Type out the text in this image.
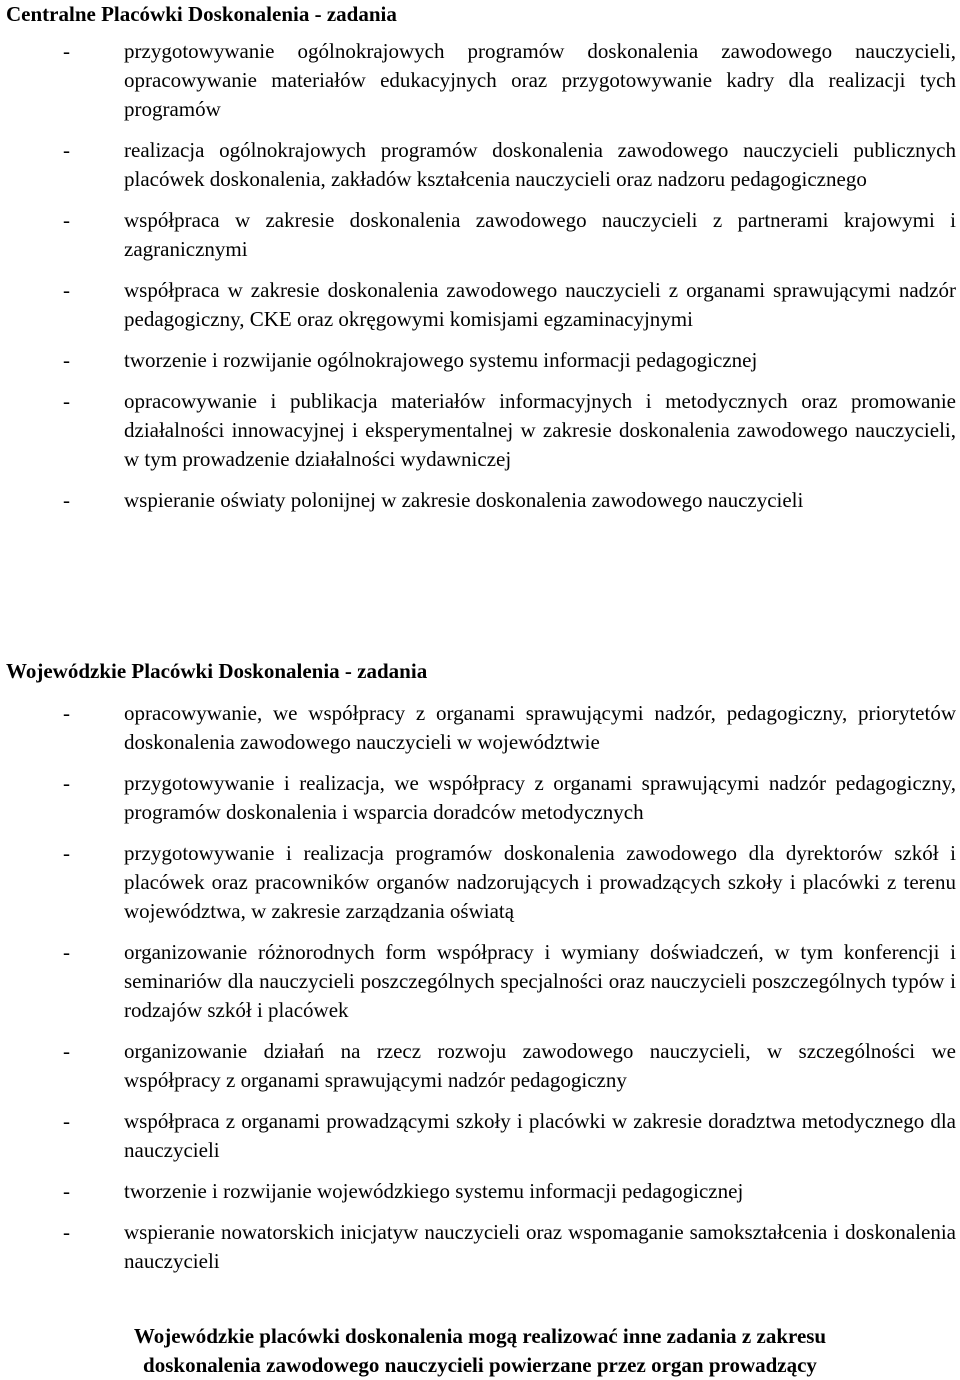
Centralne Placówki Doskonalenia - zadania
-	przygotowywanie ogólnokrajowych programów doskonalenia zawodowego nauczycieli, opracowywanie materiałów edukacyjnych oraz przygotowywanie kadry dla realizacji tych programów
-	realizacja ogólnokrajowych programów doskonalenia zawodowego nauczycieli publicznych placówek doskonalenia, zakładów kształcenia nauczycieli oraz nadzoru pedagogicznego
-	współpraca w zakresie doskonalenia zawodowego nauczycieli z partnerami krajowymi i zagranicznymi
-	współpraca w zakresie doskonalenia zawodowego nauczycieli z organami sprawującymi nadzór pedagogiczny, CKE oraz okręgowymi komisjami egzaminacyjnymi
-	tworzenie i rozwijanie ogólnokrajowego systemu informacji pedagogicznej
-	opracowywanie i publikacja materiałów informacyjnych i metodycznych oraz promowanie działalności innowacyjnej i eksperymentalnej w zakresie doskonalenia zawodowego nauczycieli, w tym prowadzenie działalności wydawniczej
-	wspieranie oświaty polonijnej w zakresie doskonalenia zawodowego nauczycieli
Wojewódzkie Placówki Doskonalenia - zadania
-	opracowywanie, we współpracy z organami sprawującymi nadzór, pedagogiczny, priorytetów doskonalenia zawodowego nauczycieli w województwie
-	przygotowywanie i realizacja, we współpracy z organami sprawującymi nadzór pedagogiczny, programów doskonalenia i wsparcia doradców metodycznych
-	przygotowywanie i realizacja programów doskonalenia zawodowego dla dyrektorów szkół i placówek oraz pracowników organów nadzorujących i prowadzących szkoły i placówki z terenu województwa, w zakresie zarządzania oświatą
-	organizowanie różnorodnych form współpracy i wymiany doświadczeń, w tym konferencji i seminariów dla nauczycieli poszczególnych specjalności oraz nauczycieli poszczególnych typów i rodzajów szkół i placówek
-	organizowanie działań na rzecz rozwoju zawodowego nauczycieli, w szczególności we współpracy z organami sprawującymi nadzór pedagogiczny
-	współpraca z organami prowadzącymi szkoły i placówki w zakresie doradztwa metodycznego dla nauczycieli
-	tworzenie i rozwijanie wojewódzkiego systemu informacji pedagogicznej
-	wspieranie nowatorskich inicjatyw nauczycieli oraz wspomaganie samokształcenia i doskonalenia nauczycieli

Wojewódzkie placówki doskonalenia mogą realizować inne zadania z zakresu
doskonalenia zawodowego nauczycieli powierzane przez organ prowadzący
